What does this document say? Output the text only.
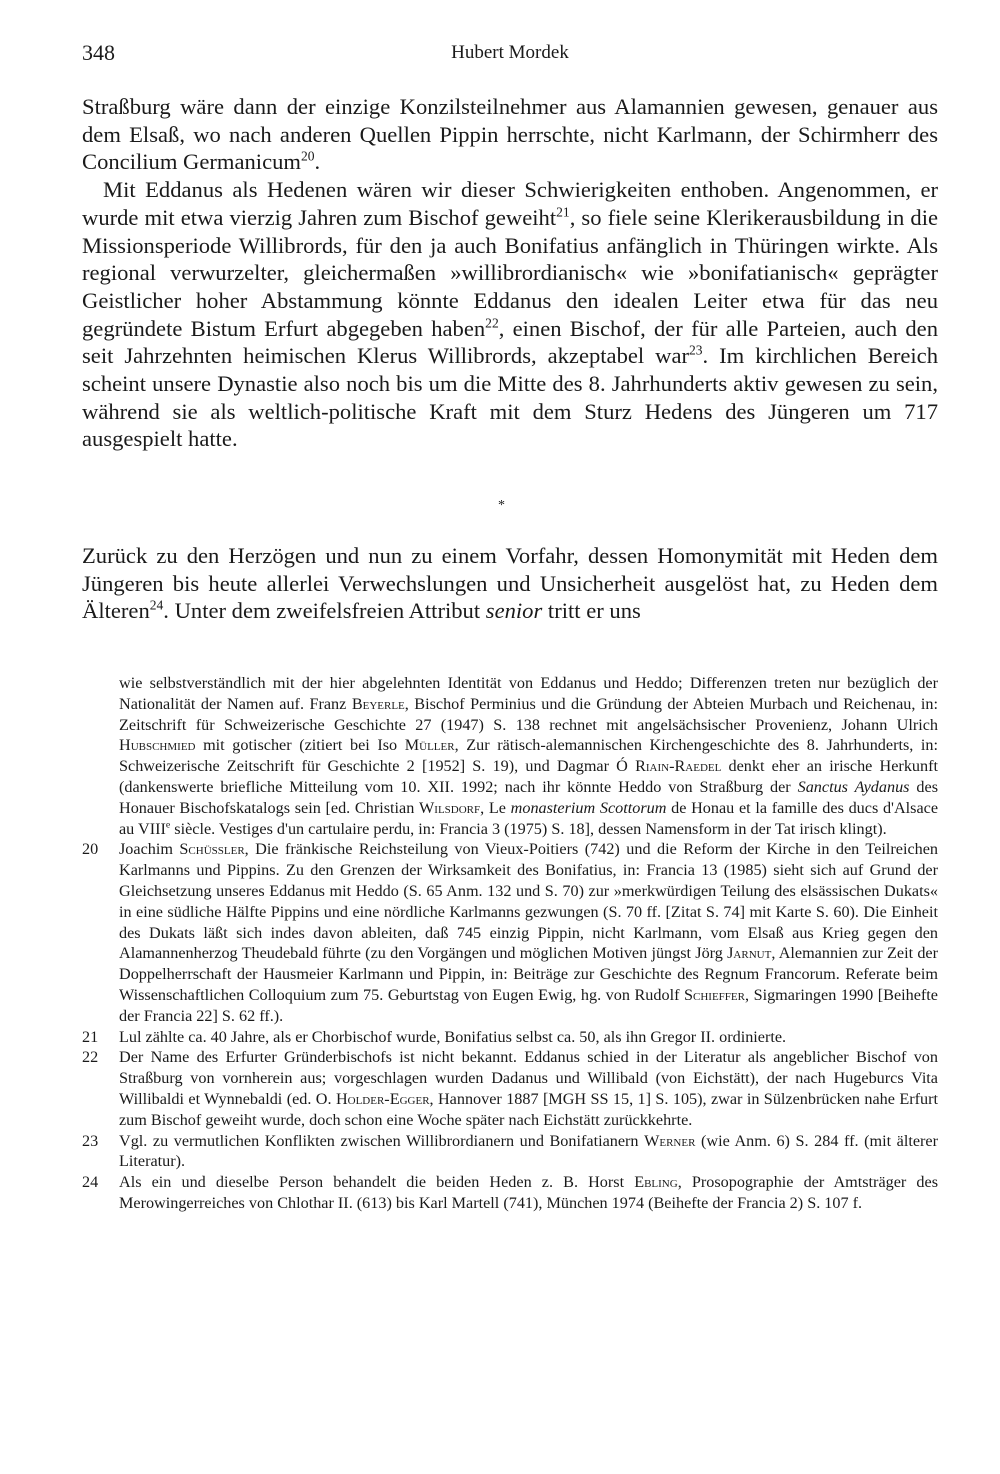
348	Hubert Mordek

Straßburg wäre dann der einzige Konzilsteilnehmer aus Alamannien gewesen, genauer aus dem Elsaß, wo nach anderen Quellen Pippin herrschte, nicht Karlmann, der Schirmherr des Concilium Germanicum$^{20}$.

Mit Eddanus als Hedenen wären wir dieser Schwierigkeiten enthoben. Angenommen, er wurde mit etwa vierzig Jahren zum Bischof geweiht$^{21}$, so fiele seine Klerikerausbildung in die Missionsperiode Willibrords, für den ja auch Bonifatius anfänglich in Thüringen wirkte. Als regional verwurzelter, gleichermaßen »willibrordianisch« wie »bonifatianisch« geprägter Geistlicher hoher Abstammung könnte Eddanus den idealen Leiter etwa für das neu gegründete Bistum Erfurt abgegeben haben$^{22}$, einen Bischof, der für alle Parteien, auch den seit Jahrzehnten heimischen Klerus Willibrords, akzeptabel war$^{23}$. Im kirchlichen Bereich scheint unsere Dynastie also noch bis um die Mitte des 8. Jahrhunderts aktiv gewesen zu sein, während sie als weltlich-politische Kraft mit dem Sturz Hedens des Jüngeren um 717 ausgespielt hatte.

*

Zurück zu den Herzögen und nun zu einem Vorfahr, dessen Homonymität mit Heden dem Jüngeren bis heute allerlei Verwechslungen und Unsicherheit ausgelöst hat, zu Heden dem Älteren$^{24}$. Unter dem zweifelsfreien Attribut senior tritt er uns

wie selbstverständlich mit der hier abgelehnten Identität von Eddanus und Heddo; Differenzen treten nur bezüglich der Nationalität der Namen auf. Franz Beyerle, Bischof Perminius und die Gründung der Abteien Murbach und Reichenau, in: Zeitschrift für Schweizerische Geschichte 27 (1947) S. 138 rechnet mit angelsächsischer Provenienz, Johann Ulrich Hubschmied mit gotischer (zitiert bei Iso Müller, Zur rätisch-alemannischen Kirchengeschichte des 8. Jahrhunderts, in: Schweizerische Zeitschrift für Geschichte 2 [1952] S. 19), und Dagmar Ó Riain-Raedel denkt eher an irische Herkunft (dankenswerte briefliche Mitteilung vom 10. XII. 1992; nach ihr könnte Heddo von Straßburg der Sanctus Aydanus des Honauer Bischofskatalogs sein [ed. Christian Wilsdorf, Le monasterium Scottorum de Honau et la famille des ducs d'Alsace au VIIIe siècle. Vestiges d'un cartulaire perdu, in: Francia 3 (1975) S. 18], dessen Namensform in der Tat irisch klingt).
20 Joachim Schüssler, Die fränkische Reichsteilung von Vieux-Poitiers (742) und die Reform der Kirche in den Teilreichen Karlmanns und Pippins. Zu den Grenzen der Wirksamkeit des Bonifatius, in: Francia 13 (1985) sieht sich auf Grund der Gleichsetzung unseres Eddanus mit Heddo (S. 65 Anm. 132 und S. 70) zur »merkwürdigen Teilung des elsässischen Dukats« in eine südliche Hälfte Pippins und eine nördliche Karlmanns gezwungen (S. 70 ff. [Zitat S. 74] mit Karte S. 60). Die Einheit des Dukats läßt sich indes davon ableiten, daß 745 einzig Pippin, nicht Karlmann, vom Elsaß aus Krieg gegen den Alamannenherzog Theudebald führte (zu den Vorgängen und möglichen Motiven jüngst Jörg Jarnut, Alemannien zur Zeit der Doppelherrschaft der Hausmeier Karlmann und Pippin, in: Beiträge zur Geschichte des Regnum Francorum. Referate beim Wissenschaftlichen Colloquium zum 75. Geburtstag von Eugen Ewig, hg. von Rudolf Schieffer, Sigmaringen 1990 [Beihefte der Francia 22] S. 62 ff.).
21 Lul zählte ca. 40 Jahre, als er Chorbischof wurde, Bonifatius selbst ca. 50, als ihn Gregor II. ordinierte.
22 Der Name des Erfurter Gründerbischofs ist nicht bekannt. Eddanus schied in der Literatur als angeblicher Bischof von Straßburg von vornherein aus; vorgeschlagen wurden Dadanus und Willibald (von Eichstätt), der nach Hugeburcs Vita Willibaldi et Wynnebaldi (ed. O. Holder-Egger, Hannover 1887 [MGH SS 15, 1] S. 105), zwar in Sülzenbrücken nahe Erfurt zum Bischof geweiht wurde, doch schon eine Woche später nach Eichstätt zurückkehrte.
23 Vgl. zu vermutlichen Konflikten zwischen Willibrordianern und Bonifatianern Werner (wie Anm. 6) S. 284 ff. (mit älterer Literatur).
24 Als ein und dieselbe Person behandelt die beiden Heden z. B. Horst Ebling, Prosopographie der Amtsträger des Merowingerreiches von Chlothar II. (613) bis Karl Martell (741), München 1974 (Beihefte der Francia 2) S. 107 f.
